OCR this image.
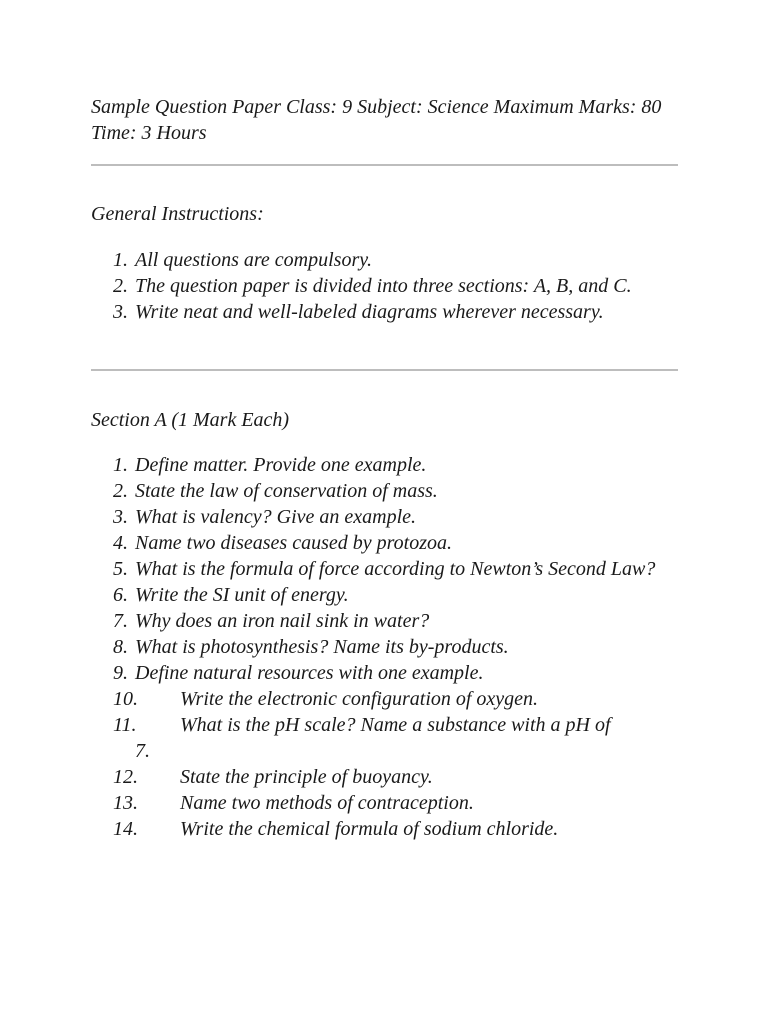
Sample Question Paper Class: 9 Subject: Science Maximum Marks: 80 Time: 3 Hours
General Instructions:
1. All questions are compulsory.
2. The question paper is divided into three sections: A, B, and C.
3. Write neat and well-labeled diagrams wherever necessary.
Section A (1 Mark Each)
1. Define matter. Provide one example.
2. State the law of conservation of mass.
3. What is valency? Give an example.
4. Name two diseases caused by protozoa.
5. What is the formula of force according to Newton’s Second Law?
6. Write the SI unit of energy.
7. Why does an iron nail sink in water?
8. What is photosynthesis? Name its by-products.
9. Define natural resources with one example.
10. Write the electronic configuration of oxygen.
11. What is the pH scale? Name a substance with a pH of
7.
12. State the principle of buoyancy.
13. Name two methods of contraception.
14. Write the chemical formula of sodium chloride.
